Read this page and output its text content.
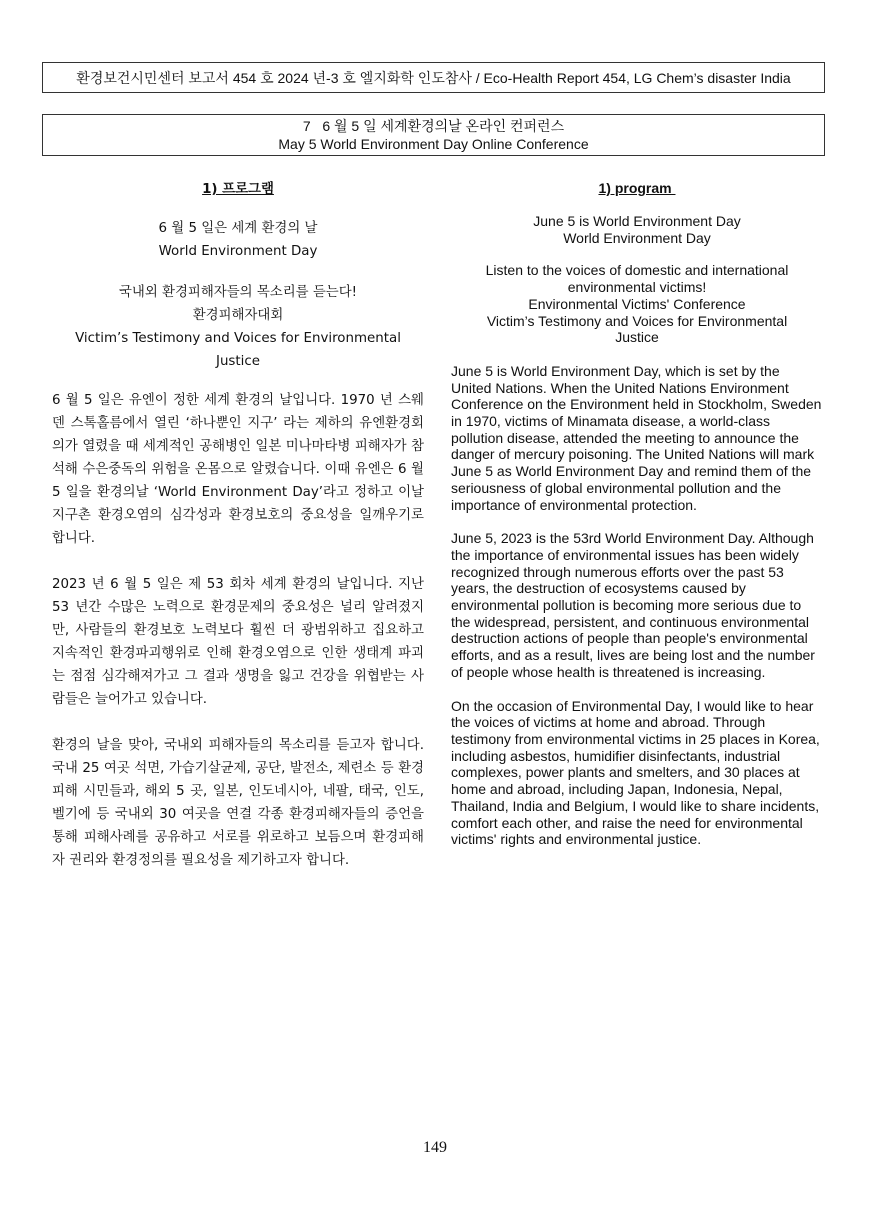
환경보건시민센터 보고서 454 호 2024 년-3 호 엘지화학 인도참사 / Eco-Health Report 454, LG Chem’s disaster India
7   6 월 5 일 세계환경의날 온라인 컨퍼런스
May 5 World Environment Day Online Conference
1) 프로그램
6 월 5 일은 세계 환경의 날
World Environment Day
국내외 환경피해자들의 목소리를 듣는다!
환경피해자대회
Victim’s Testimony and Voices for Environmental Justice

6 월 5 일은 유엔이 정한 세계 환경의 날입니다. 1970 년 스웨덴 스톡홀름에서 열린 ‘하나뿐인 지구’ 라는 제하의 유엔환경회의가 열렸을 때 세계적인 공해병인 일본 미나마타병 피해자가 참석해 수은중독의 위험을 온몸으로 알렸습니다. 이때 유엔은 6 월 5 일을 환경의날 ‘World Environment Day’라고 정하고 이날 지구촌 환경오염의 심각성과 환경보호의 중요성을 일깨우기로 합니다.

2023 년 6 월 5 일은 제 53 회차 세계 환경의 날입니다. 지난 53 년간 수많은 노력으로 환경문제의 중요성은 널리 알려졌지만, 사람들의 환경보호 노력보다 훨씬 더 광범위하고 집요하고 지속적인 환경파괴행위로 인해 환경오염으로 인한 생태계 파괴는 점점 심각해져가고 그 결과 생명을 잃고 건강을 위협받는 사람들은 늘어가고 있습니다.

환경의 날을 맞아, 국내외 피해자들의 목소리를 듣고자 합니다. 국내 25 여곳 석면, 가습기살균제, 공단, 발전소, 제련소 등 환경피해 시민들과, 해외 5 곳, 일본, 인도네시아, 네팔, 태국, 인도, 벨기에 등 국내외 30 여곳을 연결 각종 환경피해자들의 증언을 통해 피해사례를 공유하고 서로를 위로하고 보듬으며 환경피해자 권리와 환경정의를 필요성을 제기하고자 합니다.

1) program
June 5 is World Environment Day
World Environment Day
Listen to the voices of domestic and international environmental victims!
Environmental Victims' Conference
Victim’s Testimony and Voices for Environmental Justice

June 5 is World Environment Day, which is set by the United Nations. When the United Nations Environment Conference on the Environment held in Stockholm, Sweden in 1970, victims of Minamata disease, a world-class pollution disease, attended the meeting to announce the danger of mercury poisoning. The United Nations will mark June 5 as World Environment Day and remind them of the seriousness of global environmental pollution and the importance of environmental protection.

June 5, 2023 is the 53rd World Environment Day. Although the importance of environmental issues has been widely recognized through numerous efforts over the past 53 years, the destruction of ecosystems caused by environmental pollution is becoming more serious due to the widespread, persistent, and continuous environmental destruction actions of people than people's environmental efforts, and as a result, lives are being lost and the number of people whose health is threatened is increasing.

On the occasion of Environmental Day, I would like to hear the voices of victims at home and abroad. Through testimony from environmental victims in 25 places in Korea, including asbestos, humidifier disinfectants, industrial complexes, power plants and smelters, and 30 places at home and abroad, including Japan, Indonesia, Nepal, Thailand, India and Belgium, I would like to share incidents, comfort each other, and raise the need for environmental victims' rights and environmental justice.

149
